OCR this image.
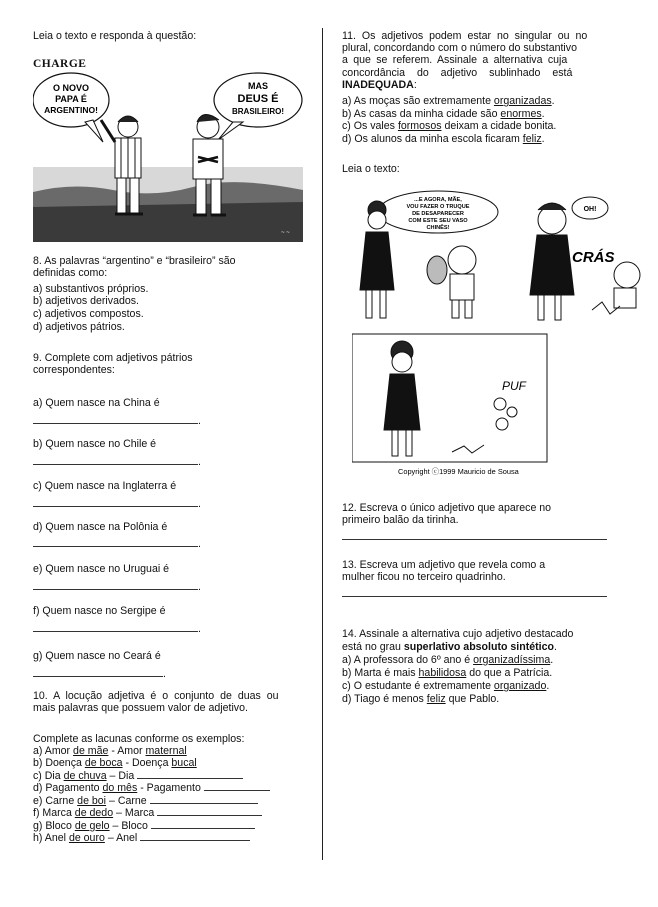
Leia o texto e responda à questão:
CHARGE
O NOVO
PAPA É
ARGENTINO!
MAS
DEUS É
BRASILEIRO!
~ ~
8. As palavras “argentino” e “brasileiro” são
definidas como:
a) substantivos próprios.
b) adjetivos derivados.
c) adjetivos compostos.
d) adjetivos pátrios.
9. Complete com adjetivos pátrios
correspondentes:
a) Quem nasce na China é
.
b) Quem nasce no Chile é
.
c) Quem nasce na Inglaterra é
.
d) Quem nasce na Polônia é
.
e) Quem nasce no Uruguai é
.
f) Quem nasce no Sergipe é
.
g) Quem nasce no Ceará é
.
10. A locução adjetiva é o conjunto de duas ou
mais palavras que possuem valor de adjetivo.
Complete as lacunas conforme os exemplos:
a) Amor de mãe - Amor maternal
b) Doença de boca - Doença bucal
c) Dia de chuva – Dia
d) Pagamento do mês - Pagamento
e) Carne de boi – Carne
f) Marca de dedo – Marca
g) Bloco de gelo – Bloco
h) Anel de ouro – Anel
11. Os adjetivos podem estar no singular ou no
plural, concordando com o número do substantivo
a que se referem. Assinale a alternativa cuja
concordância do adjetivo sublinhado está
INADEQUADA:
a) As moças são extremamente organizadas.
b) As casas da minha cidade são enormes.
c) Os vales formosos deixam a cidade bonita.
d) Os alunos da minha escola ficaram feliz.
Leia o texto:
...E AGORA, MÃE,
VOU FAZER O TRUQUE
DE DESAPARECER
COM ESTE SEU VASO
CHINÊS!
OH!
CRÁS
PUF
Copyright ⓒ1999 Mauricio de Sousa
12. Escreva o único adjetivo que aparece no
primeiro balão da tirinha.
13. Escreva um adjetivo que revela como a
mulher ficou no terceiro quadrinho.
14. Assinale a alternativa cujo adjetivo destacado
está no grau superlativo absoluto sintético.
a) A professora do 6º ano é organizadíssima.
b) Marta é mais habilidosa do que a Patrícia.
c) O estudante é extremamente organizado.
d) Tiago é menos feliz que Pablo.
